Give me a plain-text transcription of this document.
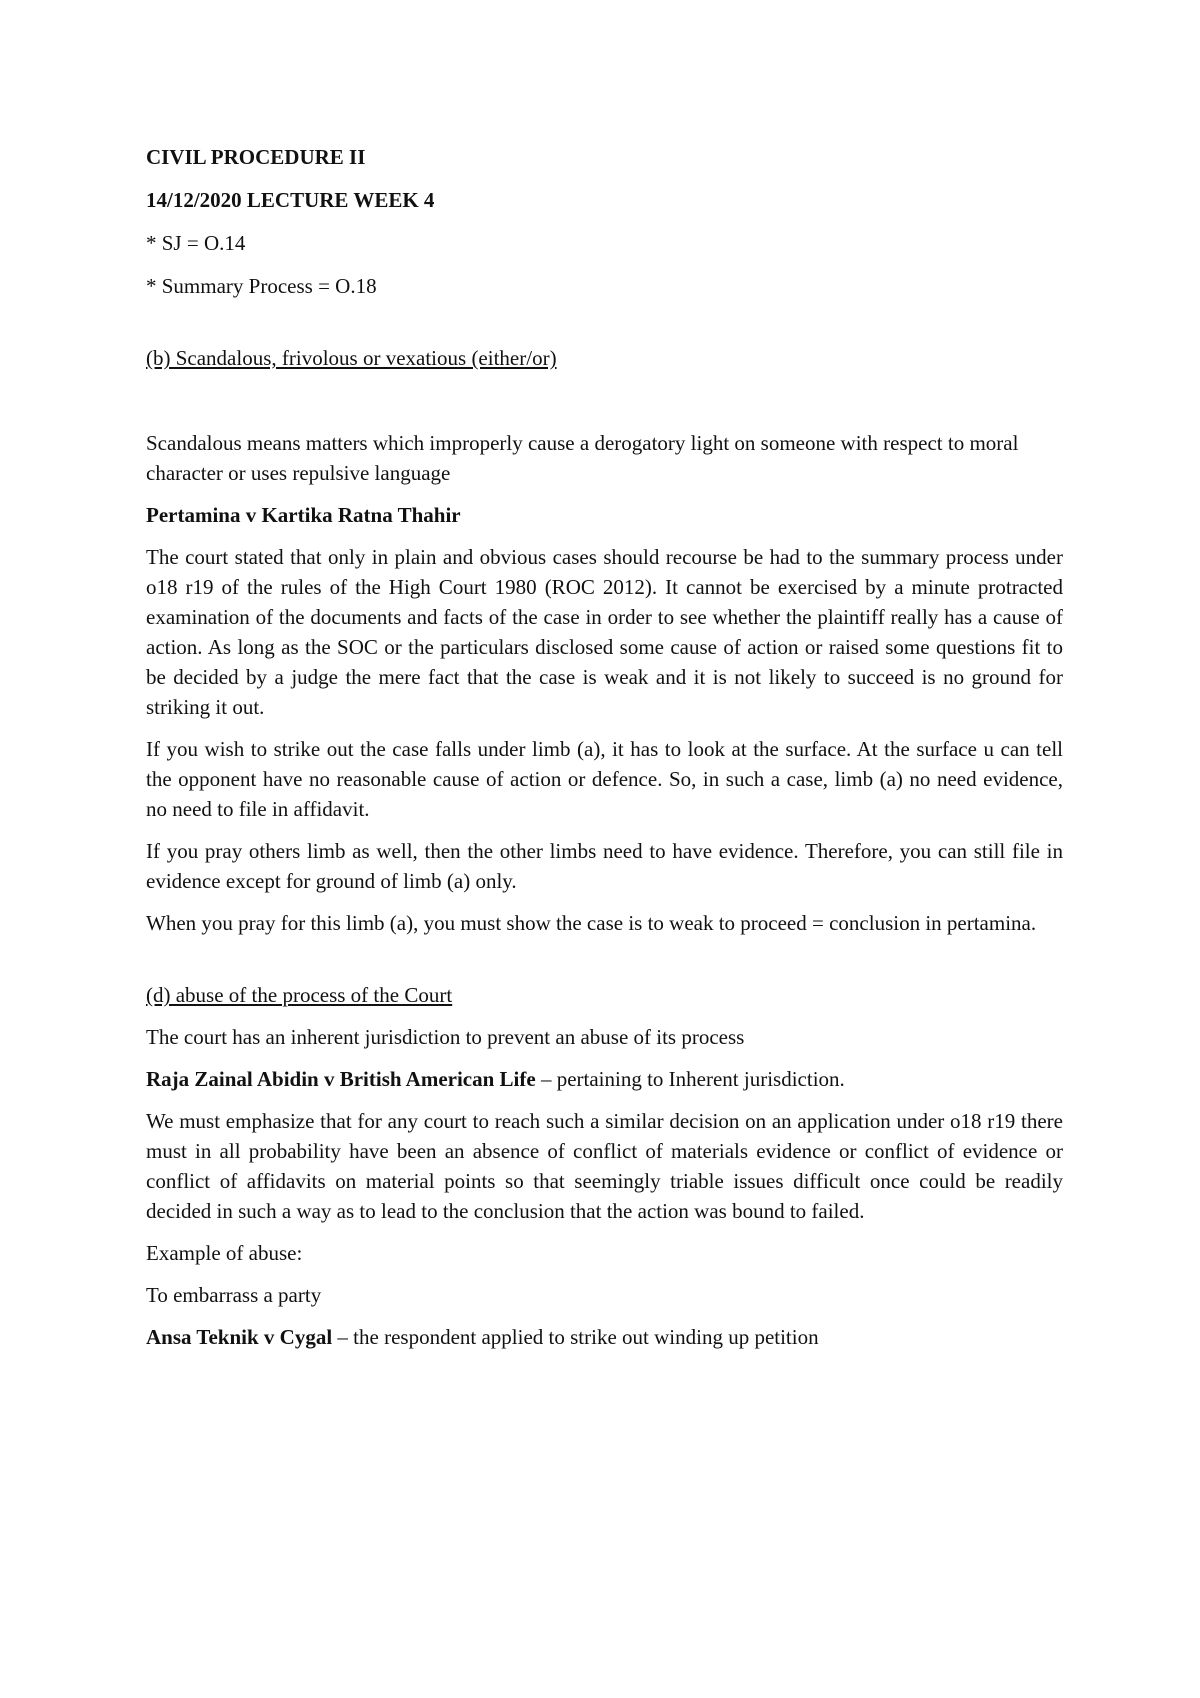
CIVIL PROCEDURE II

14/12/2020 LECTURE WEEK 4

* SJ = O.14

* Summary Process = O.18

(b) Scandalous, frivolous or vexatious (either/or)

Scandalous means matters which improperly cause a derogatory light on someone with respect to moral character or uses repulsive language

Pertamina v Kartika Ratna Thahir

The court stated that only in plain and obvious cases should recourse be had to the summary process under o18 r19 of the rules of the High Court 1980 (ROC 2012). It cannot be exercised by a minute protracted examination of the documents and facts of the case in order to see whether the plaintiff really has a cause of action. As long as the SOC or the particulars disclosed some cause of action or raised some questions fit to be decided by a judge the mere fact that the case is weak and it is not likely to succeed is no ground for striking it out.

If you wish to strike out the case falls under limb (a), it has to look at the surface. At the surface u can tell the opponent have no reasonable cause of action or defence. So, in such a case, limb (a) no need evidence, no need to file in affidavit.

If you pray others limb as well, then the other limbs need to have evidence. Therefore, you can still file in evidence except for ground of limb (a) only.

When you pray for this limb (a), you must show the case is to weak to proceed = conclusion in pertamina.

(d) abuse of the process of the Court

The court has an inherent jurisdiction to prevent an abuse of its process

Raja Zainal Abidin v British American Life – pertaining to Inherent jurisdiction.

We must emphasize that for any court to reach such a similar decision on an application under o18 r19 there must in all probability have been an absence of conflict of materials evidence or conflict of evidence or conflict of affidavits on material points so that seemingly triable issues difficult once could be readily decided in such a way as to lead to the conclusion that the action was bound to failed.

Example of abuse:

To embarrass a party

Ansa Teknik v Cygal – the respondent applied to strike out winding up petition
